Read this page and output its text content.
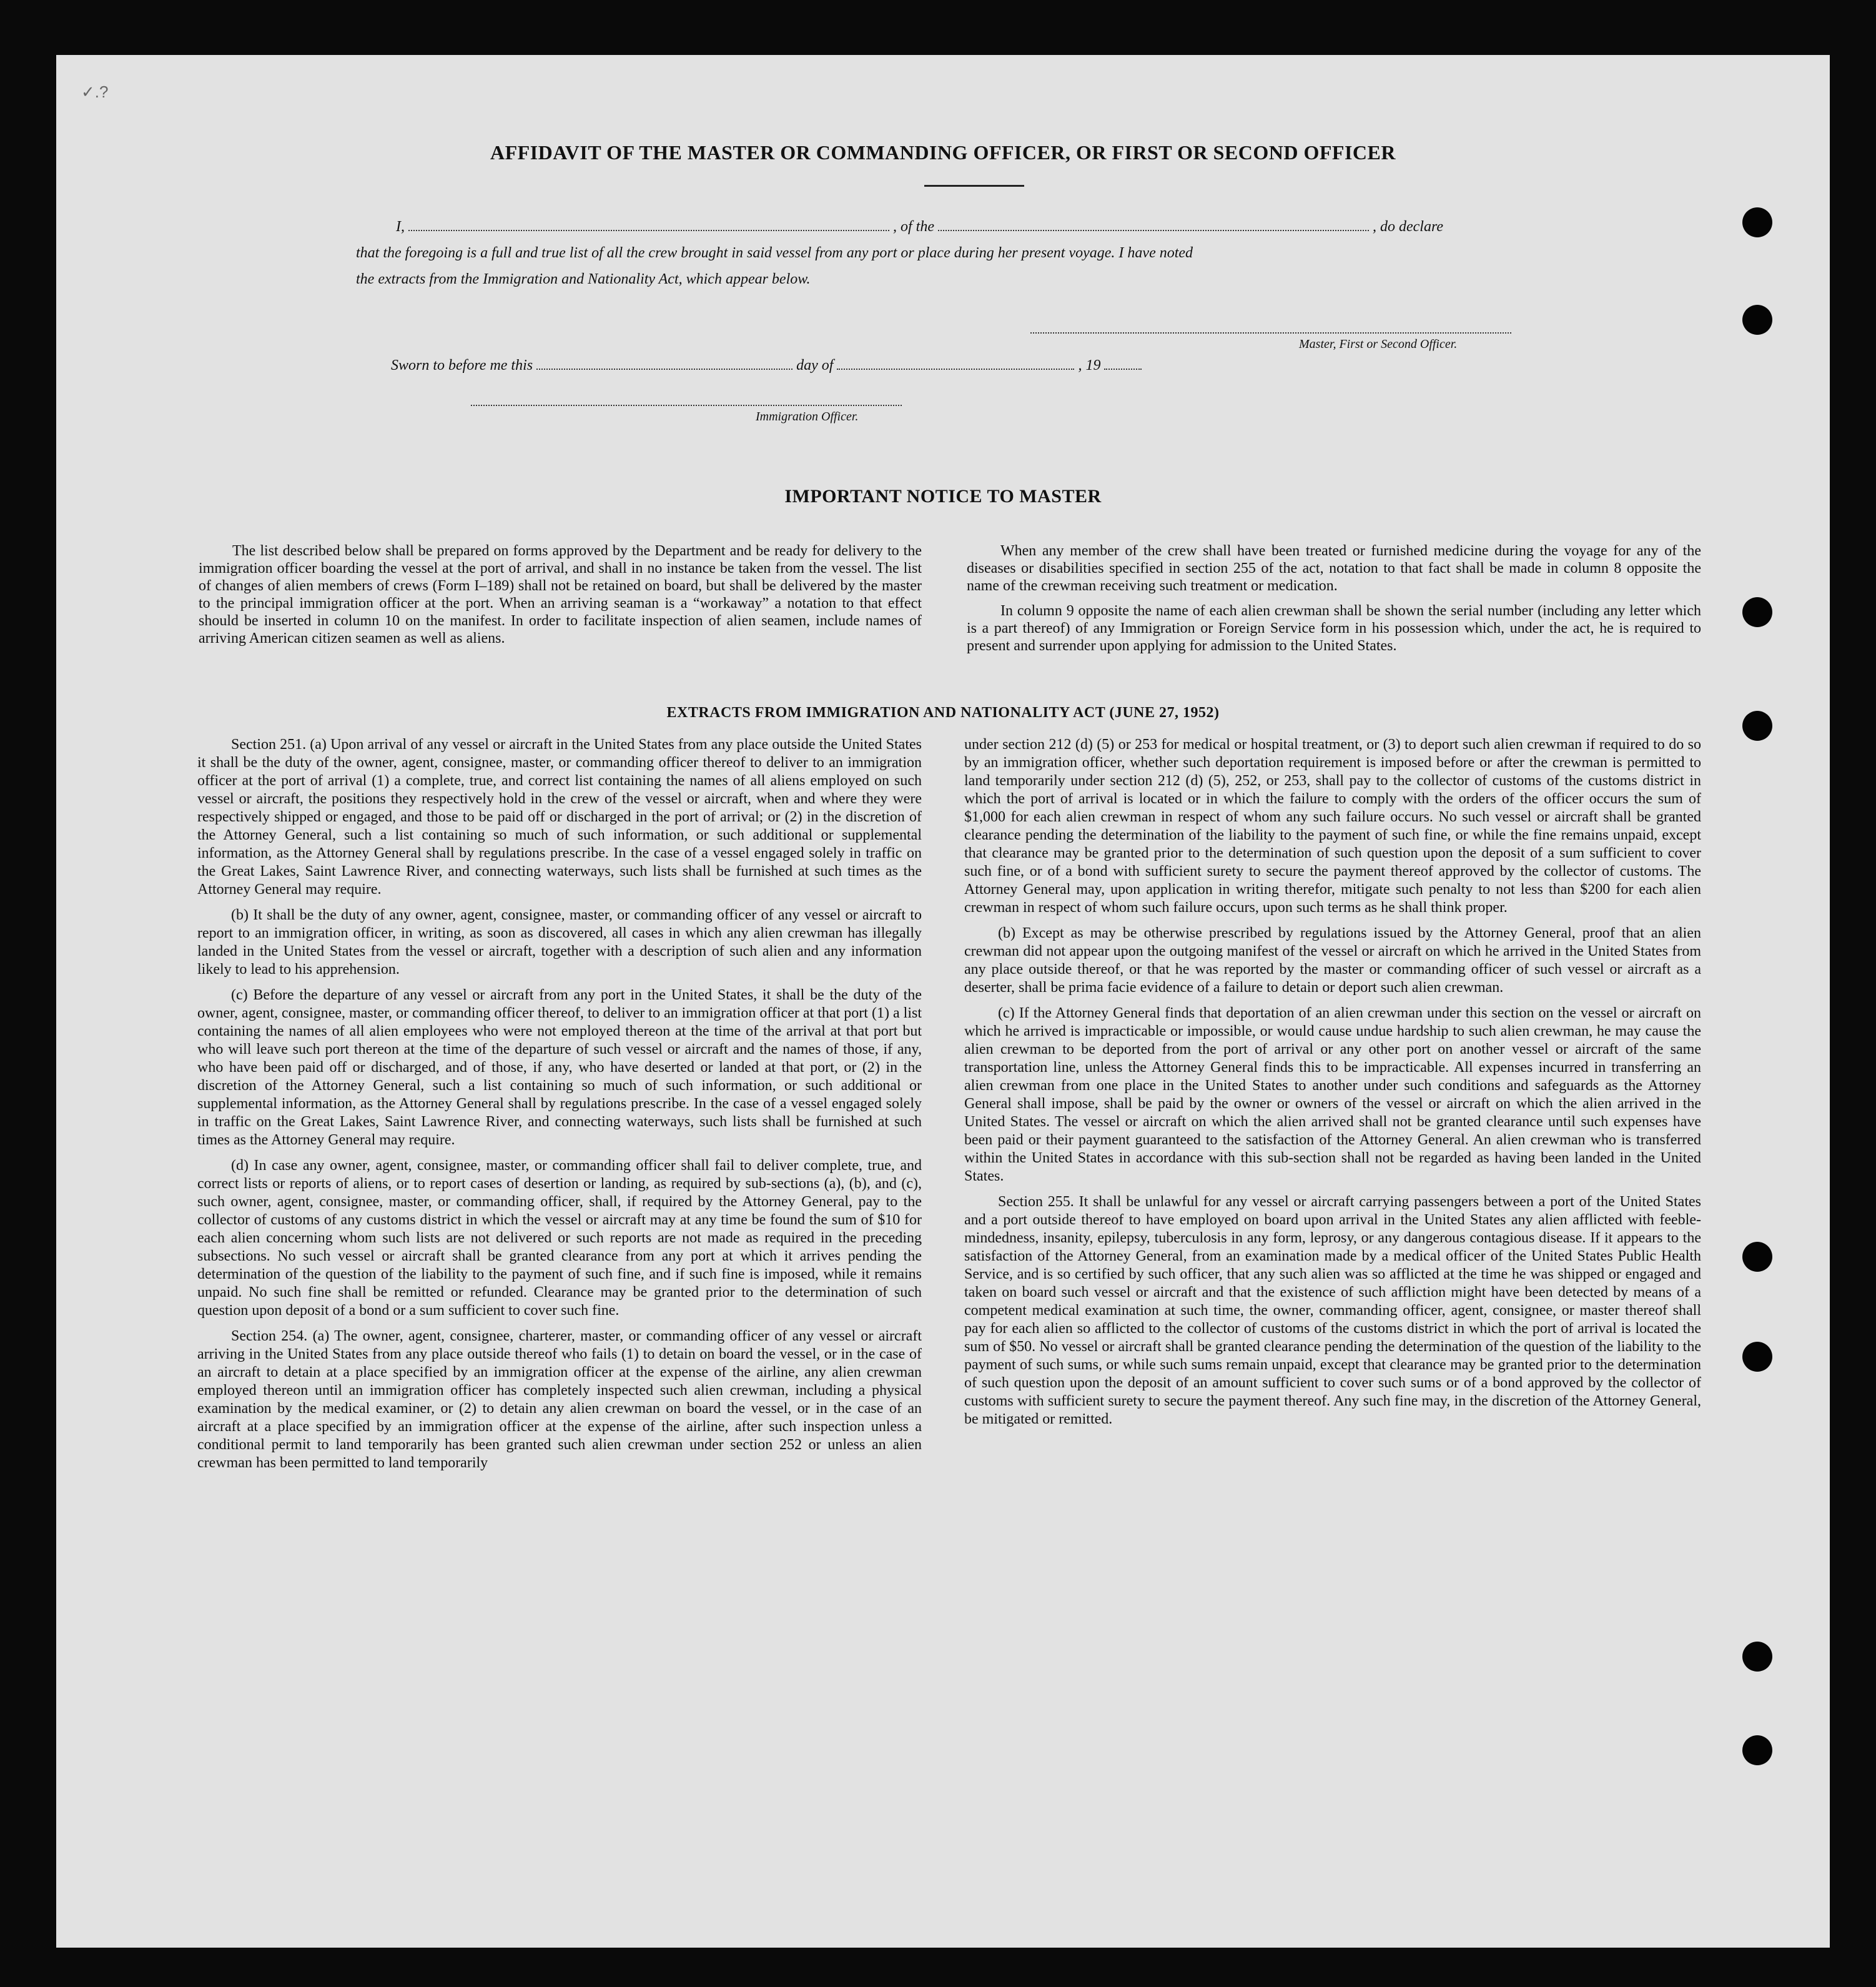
✓.?
AFFIDAVIT OF THE MASTER OR COMMANDING OFFICER, OR FIRST OR SECOND OFFICER
I,	, of the	, do declare
that the foregoing is a full and true list of all the crew brought in said vessel from any port or place during her present voyage. I have noted
the extracts from the Immigration and Nationality Act, which appear below.
Master, First or Second Officer.
Sworn to before me this	day of	, 19
Immigration Officer.
IMPORTANT NOTICE TO MASTER

The list described below shall be prepared on forms approved by the Department and be ready for delivery to the immigration officer boarding the vessel at the port of arrival, and shall in no instance be taken from the vessel. The list of changes of alien members of crews (Form I–189) shall not be retained on board, but shall be delivered by the master to the principal immigration officer at the port. When an arriving seaman is a “workaway” a notation to that effect should be inserted in column 10 on the manifest. In order to facilitate inspection of alien seamen, include names of arriving American citizen seamen as well as aliens.

When any member of the crew shall have been treated or furnished medicine during the voyage for any of the diseases or disabilities specified in section 255 of the act, notation to that fact shall be made in column 8 opposite the name of the crewman receiving such treatment or medication.

In column 9 opposite the name of each alien crewman shall be shown the serial number (including any letter which is a part thereof) of any Immigration or Foreign Service form in his possession which, under the act, he is required to present and surrender upon applying for admission to the United States.

EXTRACTS FROM IMMIGRATION AND NATIONALITY ACT (JUNE 27, 1952)

Section 251. (a) Upon arrival of any vessel or aircraft in the United States from any place outside the United States it shall be the duty of the owner, agent, consignee, master, or commanding officer thereof to deliver to an immigration officer at the port of arrival (1) a complete, true, and correct list containing the names of all aliens employed on such vessel or aircraft, the positions they respectively hold in the crew of the vessel or aircraft, when and where they were respectively shipped or engaged, and those to be paid off or discharged in the port of arrival; or (2) in the discretion of the Attorney General, such a list containing so much of such information, or such additional or supplemental information, as the Attorney General shall by regulations prescribe. In the case of a vessel engaged solely in traffic on the Great Lakes, Saint Lawrence River, and connecting waterways, such lists shall be furnished at such times as the Attorney General may require.

(b) It shall be the duty of any owner, agent, consignee, master, or commanding officer of any vessel or aircraft to report to an immigration officer, in writing, as soon as discovered, all cases in which any alien crewman has illegally landed in the United States from the vessel or aircraft, together with a description of such alien and any information likely to lead to his apprehension.

(c) Before the departure of any vessel or aircraft from any port in the United States, it shall be the duty of the owner, agent, consignee, master, or commanding officer thereof, to deliver to an immigration officer at that port (1) a list containing the names of all alien employees who were not employed thereon at the time of the arrival at that port but who will leave such port thereon at the time of the departure of such vessel or aircraft and the names of those, if any, who have been paid off or discharged, and of those, if any, who have deserted or landed at that port, or (2) in the discretion of the Attorney General, such a list containing so much of such information, or such additional or supplemental information, as the Attorney General shall by regulations prescribe. In the case of a vessel engaged solely in traffic on the Great Lakes, Saint Lawrence River, and connecting waterways, such lists shall be furnished at such times as the Attorney General may require.

(d) In case any owner, agent, consignee, master, or commanding officer shall fail to deliver complete, true, and correct lists or reports of aliens, or to report cases of desertion or landing, as required by sub-sections (a), (b), and (c), such owner, agent, consignee, master, or commanding officer, shall, if required by the Attorney General, pay to the collector of customs of any customs district in which the vessel or aircraft may at any time be found the sum of $10 for each alien concerning whom such lists are not delivered or such reports are not made as required in the preceding subsections. No such vessel or aircraft shall be granted clearance from any port at which it arrives pending the determination of the question of the liability to the payment of such fine, and if such fine is imposed, while it remains unpaid. No such fine shall be remitted or refunded. Clearance may be granted prior to the determination of such question upon deposit of a bond or a sum sufficient to cover such fine.

Section 254. (a) The owner, agent, consignee, charterer, master, or commanding officer of any vessel or aircraft arriving in the United States from any place outside thereof who fails (1) to detain on board the vessel, or in the case of an aircraft to detain at a place specified by an immigration officer at the expense of the airline, any alien crewman employed thereon until an immigration officer has completely inspected such alien crewman, including a physical examination by the medical examiner, or (2) to detain any alien crewman on board the vessel, or in the case of an aircraft at a place specified by an immigration officer at the expense of the airline, after such inspection unless a conditional permit to land temporarily has been granted such alien crewman under section 252 or unless an alien crewman has been permitted to land temporarily

under section 212 (d) (5) or 253 for medical or hospital treatment, or (3) to deport such alien crewman if required to do so by an immigration officer, whether such deportation requirement is imposed before or after the crewman is permitted to land temporarily under section 212 (d) (5), 252, or 253, shall pay to the collector of customs of the customs district in which the port of arrival is located or in which the failure to comply with the orders of the officer occurs the sum of $1,000 for each alien crewman in respect of whom any such failure occurs. No such vessel or aircraft shall be granted clearance pending the determination of the liability to the payment of such fine, or while the fine remains unpaid, except that clearance may be granted prior to the determination of such question upon the deposit of a sum sufficient to cover such fine, or of a bond with sufficient surety to secure the payment thereof approved by the collector of customs. The Attorney General may, upon application in writing therefor, mitigate such penalty to not less than $200 for each alien crewman in respect of whom such failure occurs, upon such terms as he shall think proper.

(b) Except as may be otherwise prescribed by regulations issued by the Attorney General, proof that an alien crewman did not appear upon the outgoing manifest of the vessel or aircraft on which he arrived in the United States from any place outside thereof, or that he was reported by the master or commanding officer of such vessel or aircraft as a deserter, shall be prima facie evidence of a failure to detain or deport such alien crewman.

(c) If the Attorney General finds that deportation of an alien crewman under this section on the vessel or aircraft on which he arrived is impracticable or impossible, or would cause undue hardship to such alien crewman, he may cause the alien crewman to be deported from the port of arrival or any other port on another vessel or aircraft of the same transportation line, unless the Attorney General finds this to be impracticable. All expenses incurred in transferring an alien crewman from one place in the United States to another under such conditions and safeguards as the Attorney General shall impose, shall be paid by the owner or owners of the vessel or aircraft on which the alien arrived in the United States. The vessel or aircraft on which the alien arrived shall not be granted clearance until such expenses have been paid or their payment guaranteed to the satisfaction of the Attorney General. An alien crewman who is transferred within the United States in accordance with this sub-section shall not be regarded as having been landed in the United States.

Section 255. It shall be unlawful for any vessel or aircraft carrying passengers between a port of the United States and a port outside thereof to have employed on board upon arrival in the United States any alien afflicted with feeble-mindedness, insanity, epilepsy, tuberculosis in any form, leprosy, or any dangerous contagious disease. If it appears to the satisfaction of the Attorney General, from an examination made by a medical officer of the United States Public Health Service, and is so certified by such officer, that any such alien was so afflicted at the time he was shipped or engaged and taken on board such vessel or aircraft and that the existence of such affliction might have been detected by means of a competent medical examination at such time, the owner, commanding officer, agent, consignee, or master thereof shall pay for each alien so afflicted to the collector of customs of the customs district in which the port of arrival is located the sum of $50. No vessel or aircraft shall be granted clearance pending the determination of the question of the liability to the payment of such sums, or while such sums remain unpaid, except that clearance may be granted prior to the determination of such question upon the deposit of an amount sufficient to cover such sums or of a bond approved by the collector of customs with sufficient surety to secure the payment thereof. Any such fine may, in the discretion of the Attorney General, be mitigated or remitted.
